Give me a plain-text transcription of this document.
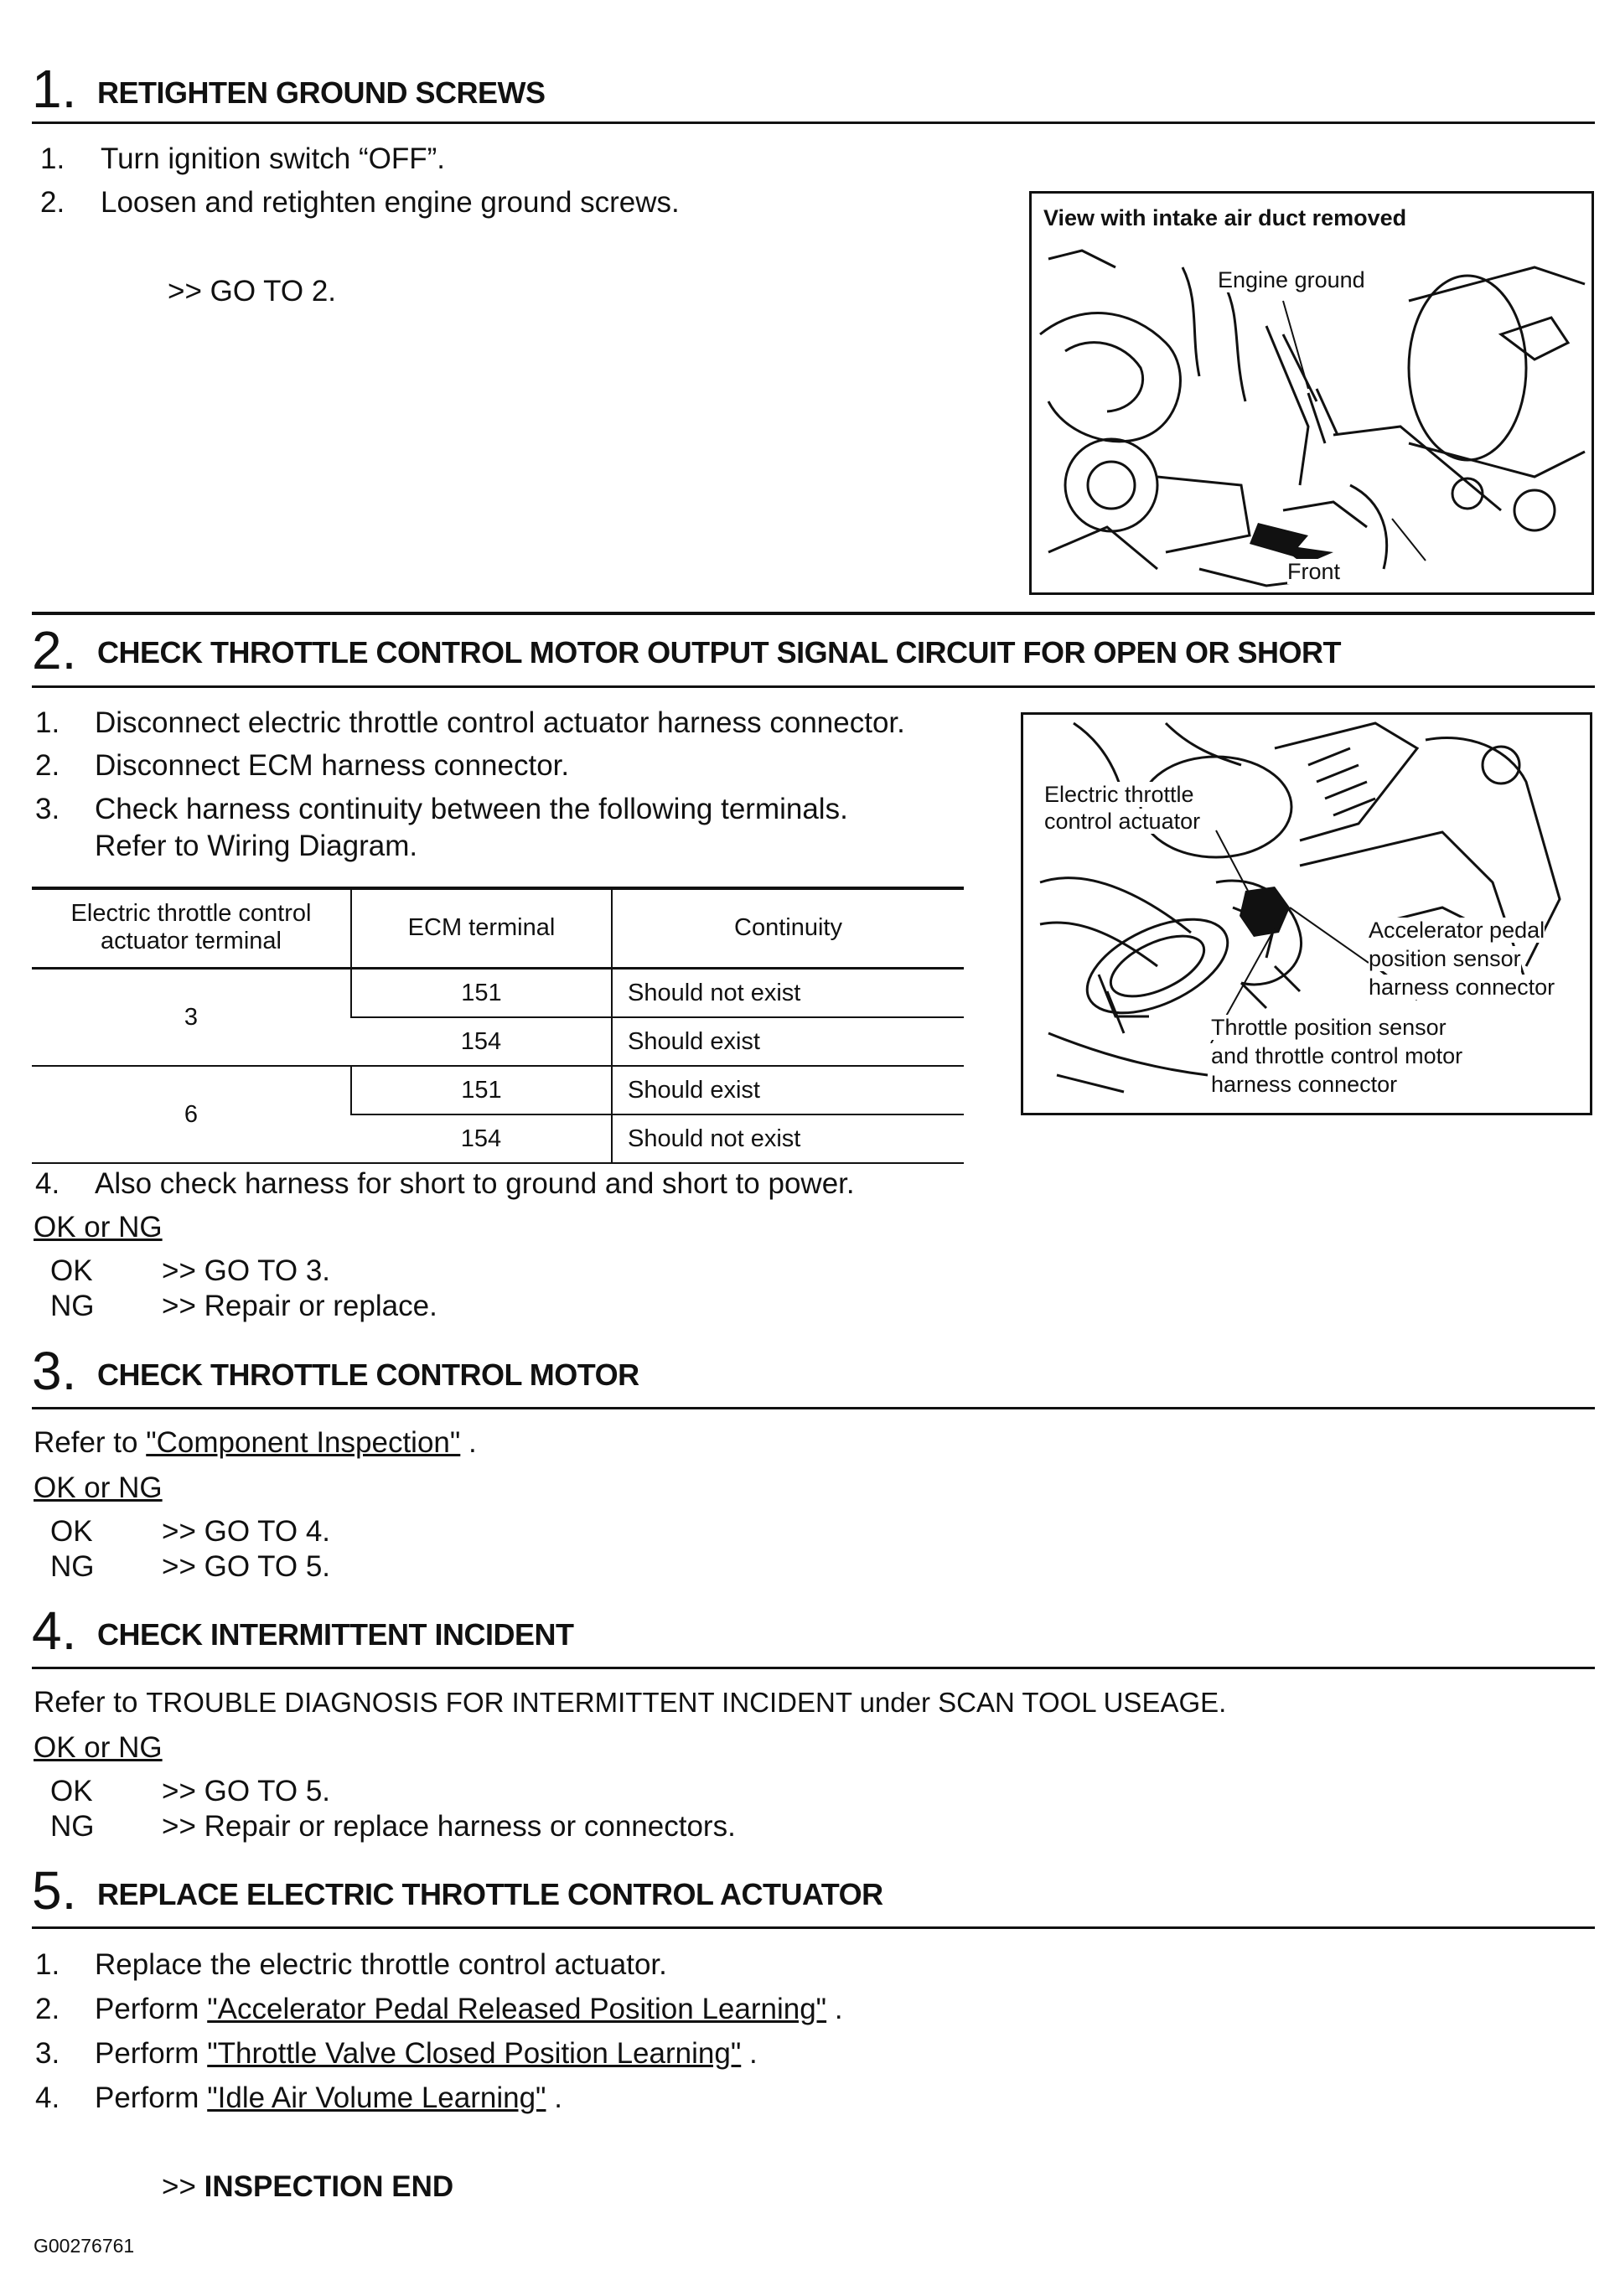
1. RETIGHTEN GROUND SCREWS
1. Turn ignition switch “OFF”.
2. Loosen and retighten engine ground screws.
>> GO TO 2.
View with intake air duct removed
Engine ground
Front
2. CHECK THROTTLE CONTROL MOTOR OUTPUT SIGNAL CIRCUIT FOR OPEN OR SHORT
1. Disconnect electric throttle control actuator harness connector.
2. Disconnect ECM harness connector.
3. Check harness continuity between the following terminals.
Refer to Wiring Diagram.
Electric throttle control
actuator terminal	ECM terminal	Continuity
3	151	Should not exist
	154	Should exist
6	151	Should exist
	154	Should not exist
4. Also check harness for short to ground and short to power.
OK or NG
OK >> GO TO 3.
NG >> Repair or replace.
Electric throttle
control actuator
Accelerator pedal
position sensor
harness connector
Throttle position sensor
and throttle control motor
harness connector
3. CHECK THROTTLE CONTROL MOTOR
Refer to "Component Inspection" .
OK or NG
OK >> GO TO 4.
NG >> GO TO 5.
4. CHECK INTERMITTENT INCIDENT
Refer to TROUBLE DIAGNOSIS FOR INTERMITTENT INCIDENT under SCAN TOOL USEAGE.
OK or NG
OK >> GO TO 5.
NG >> Repair or replace harness or connectors.
5. REPLACE ELECTRIC THROTTLE CONTROL ACTUATOR
1. Replace the electric throttle control actuator.
2. Perform "Accelerator Pedal Released Position Learning" .
3. Perform "Throttle Valve Closed Position Learning" .
4. Perform "Idle Air Volume Learning" .
>> INSPECTION END
G00276761
